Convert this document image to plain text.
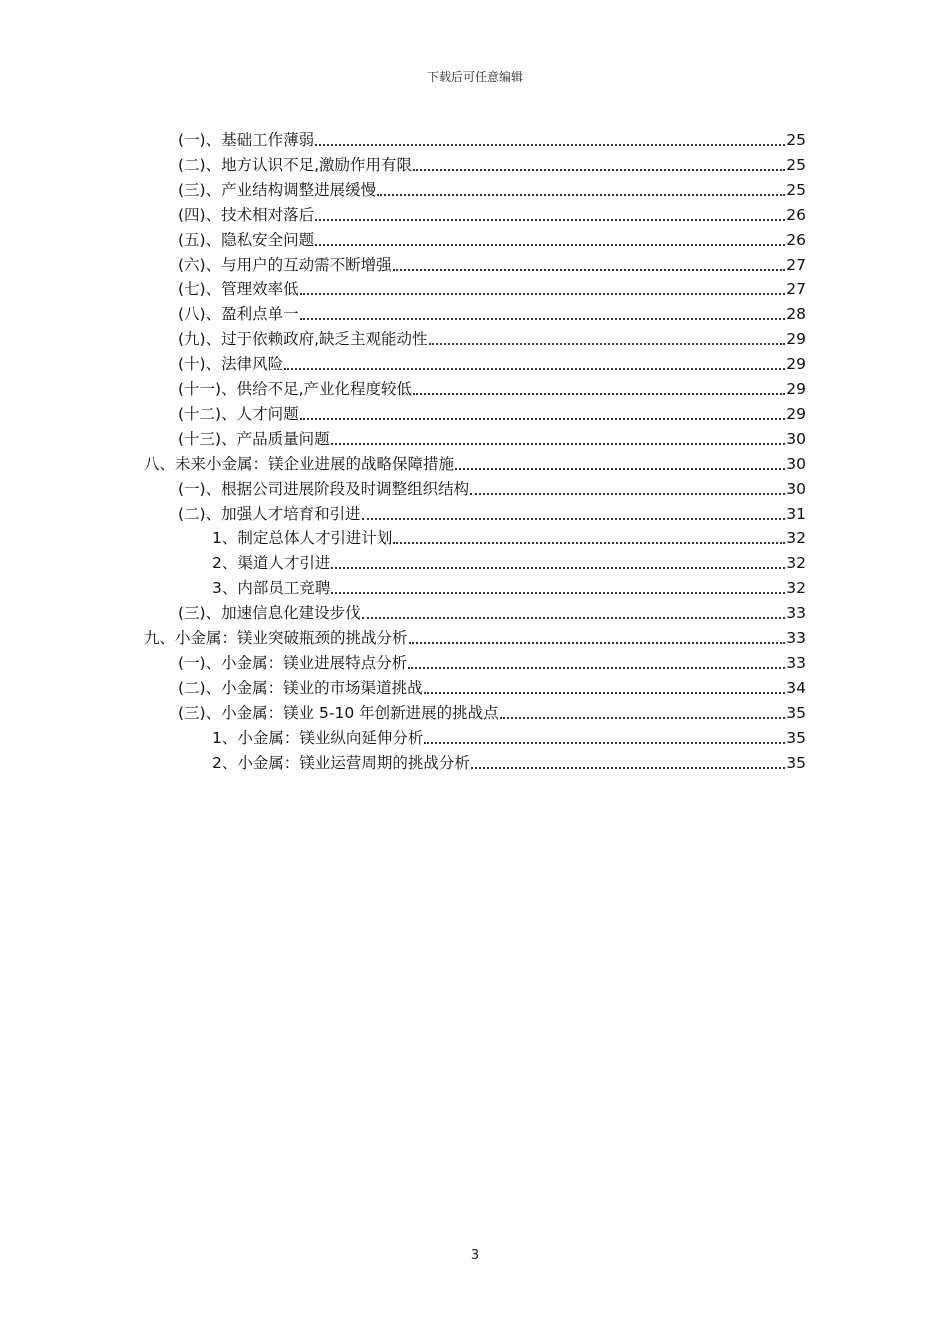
下载后可任意编辑
(一)、基础工作薄弱	25
(二)、地方认识不足,激励作用有限	25
(三)、产业结构调整进展缓慢	25
(四)、技术相对落后	26
(五)、隐私安全问题	26
(六)、与用户的互动需不断增强	27
(七)、管理效率低	27
(八)、盈利点单一	28
(九)、过于依赖政府,缺乏主观能动性	29
(十)、法律风险	29
(十一)、供给不足,产业化程度较低	29
(十二)、人才问题	29
(十三)、产品质量问题	30
八、未来小金属：镁企业进展的战略保障措施	30
(一)、根据公司进展阶段及时调整组织结构	30
(二)、加强人才培育和引进	31
1、制定总体人才引进计划	32
2、渠道人才引进	32
3、内部员工竞聘	32
(三)、加速信息化建设步伐	33
九、小金属：镁业突破瓶颈的挑战分析	33
(一)、小金属：镁业进展特点分析	33
(二)、小金属：镁业的市场渠道挑战	34
(三)、小金属：镁业 5-10 年创新进展的挑战点	35
1、小金属：镁业纵向延伸分析	35
2、小金属：镁业运营周期的挑战分析	35
3
